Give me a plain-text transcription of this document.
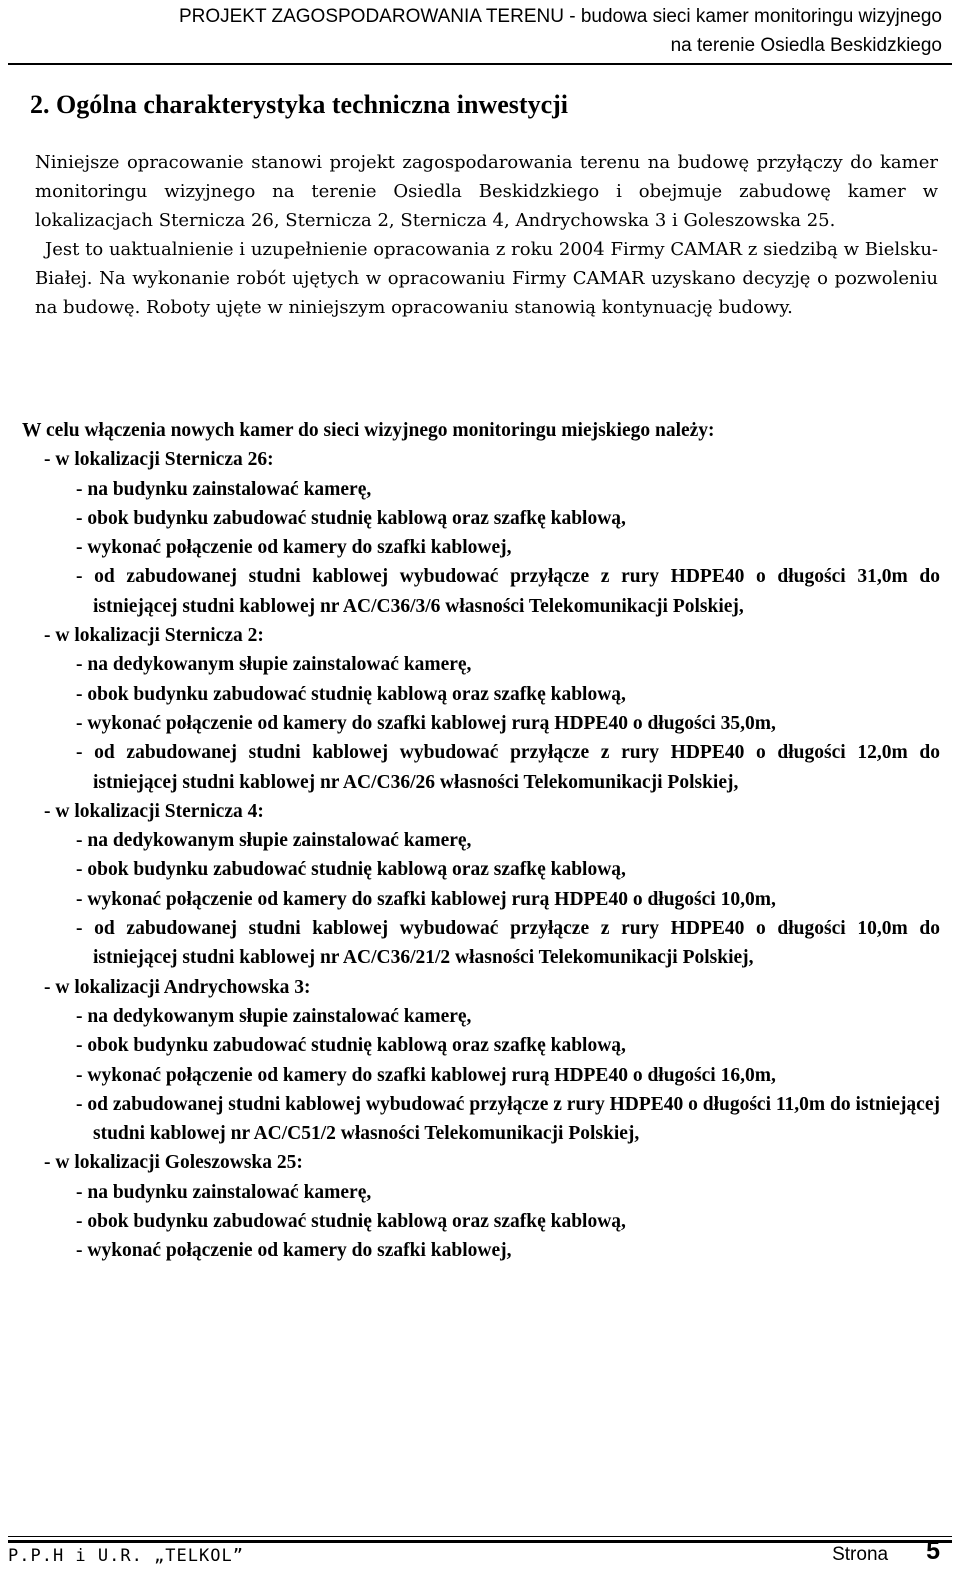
PROJEKT ZAGOSPODAROWANIA TERENU - budowa sieci kamer monitoringu wizyjnego
na terenie Osiedla Beskidzkiego
2. Ogólna charakterystyka techniczna inwestycji

Niniejsze opracowanie stanowi projekt zagospodarowania terenu na budowę przyłączy do kamer monitoringu wizyjnego na terenie Osiedla Beskidzkiego i obejmuje zabudowę kamer w lokalizacjach Sternicza 26, Sternicza 2, Sternicza 4, Andrychowska 3 i Goleszowska 25.

Jest to uaktualnienie i uzupełnienie opracowania z roku 2004 Firmy CAMAR z siedzibą w Bielsku-Białej. Na wykonanie robót ujętych w opracowaniu Firmy CAMAR uzyskano decyzję o pozwoleniu na budowę. Roboty ujęte w niniejszym opracowaniu stanowią kontynuację budowy.

W celu włączenia nowych kamer do sieci wizyjnego monitoringu miejskiego należy:

- w lokalizacji Sternicza 26:

- na budynku zainstalować kamerę,

- obok budynku zabudować studnię kablową oraz szafkę kablową,

- wykonać połączenie od kamery do szafki kablowej,

- od zabudowanej studni kablowej wybudować przyłącze z rury HDPE40 o długości 31,0m do istniejącej studni kablowej nr AC/C36/3/6 własności Telekomunikacji Polskiej,

- w lokalizacji Sternicza 2:

- na dedykowanym słupie zainstalować kamerę,

- obok budynku zabudować studnię kablową oraz szafkę kablową,

- wykonać połączenie od kamery do szafki kablowej rurą HDPE40 o długości 35,0m,

- od zabudowanej studni kablowej wybudować przyłącze z rury HDPE40 o długości 12,0m do istniejącej studni kablowej nr AC/C36/26 własności Telekomunikacji Polskiej,

- w lokalizacji Sternicza 4:

- na dedykowanym słupie zainstalować kamerę,

- obok budynku zabudować studnię kablową oraz szafkę kablową,

- wykonać połączenie od kamery do szafki kablowej rurą HDPE40 o długości 10,0m,

- od zabudowanej studni kablowej wybudować przyłącze z rury HDPE40 o długości 10,0m do istniejącej studni kablowej nr AC/C36/21/2 własności Telekomunikacji Polskiej,

- w lokalizacji Andrychowska 3:

- na dedykowanym słupie zainstalować kamerę,

- obok budynku zabudować studnię kablową oraz szafkę kablową,

- wykonać połączenie od kamery do szafki kablowej rurą HDPE40 o długości 16,0m,

- od zabudowanej studni kablowej wybudować przyłącze z rury HDPE40 o długości 11,0m do istniejącej studni kablowej nr AC/C51/2 własności Telekomunikacji Polskiej,

- w lokalizacji Goleszowska 25:

- na budynku zainstalować kamerę,

- obok budynku zabudować studnię kablową oraz szafkę kablową,

- wykonać połączenie od kamery do szafki kablowej,

P.P.H i U.R. „TELKOL”	Strona 5
